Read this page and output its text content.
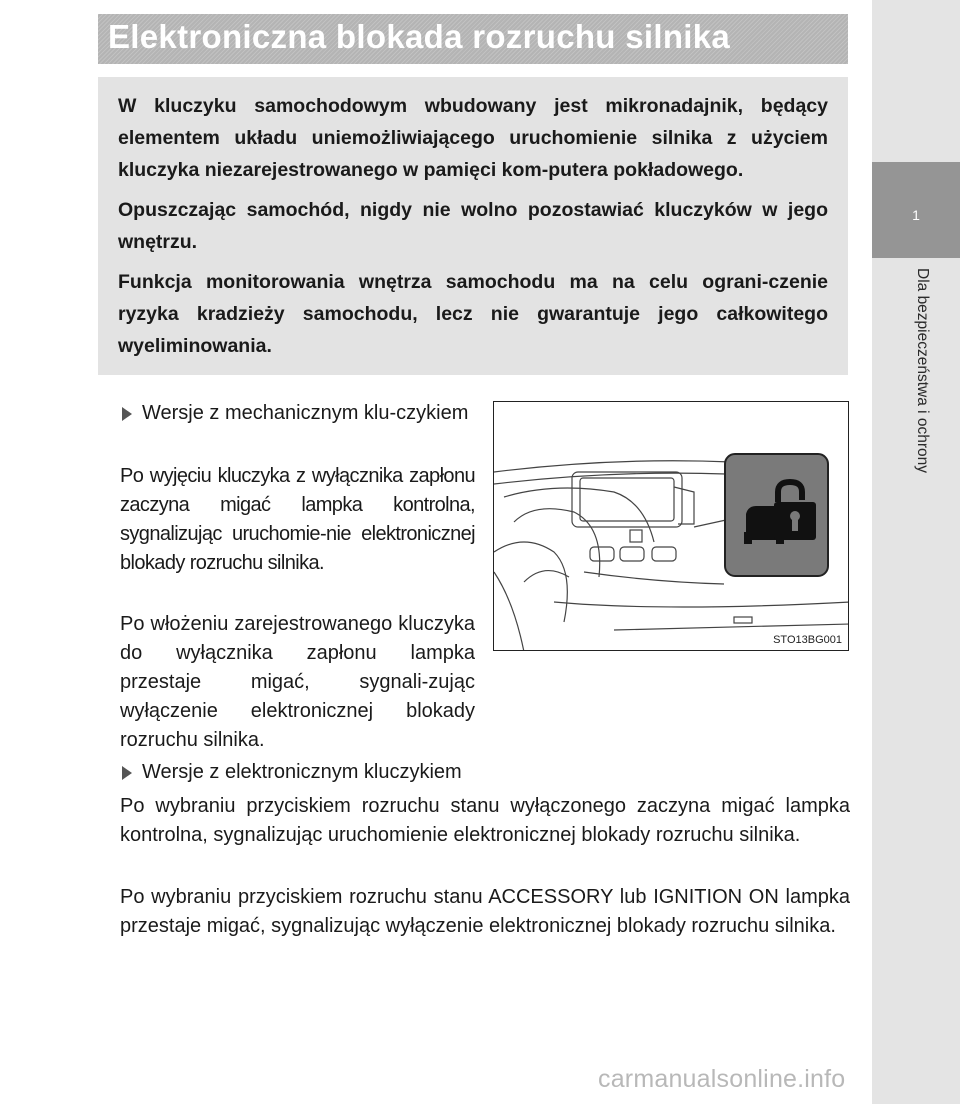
Elektroniczna blokada rozruchu silnika

W kluczyku samochodowym wbudowany jest mikronadajnik, będący elementem układu uniemożliwiającego uruchomienie silnika z użyciem kluczyka niezarejestrowanego w pamięci kom-putera pokładowego.

Opuszczając samochód, nigdy nie wolno pozostawiać kluczyków w jego wnętrzu.

Funkcja monitorowania wnętrza samochodu ma na celu ograni-czenie ryzyka kradzieży samochodu, lecz nie gwarantuje jego całkowitego wyeliminowania.

Wersje z mechanicznym klu-czykiem

Po wyjęciu kluczyka z wyłącznika zapłonu zaczyna migać lampka kontrolna, sygnalizując uruchomie-nie elektronicznej blokady rozruchu silnika.

Po włożeniu zarejestrowanego kluczyka do wyłącznika zapłonu lampka przestaje migać, sygnali-zując wyłączenie elektronicznej blokady rozruchu silnika.

STO13BG001
Wersje z elektronicznym kluczykiem

Po wybraniu przyciskiem rozruchu stanu wyłączonego zaczyna migać lampka kontrolna, sygnalizując uruchomienie elektronicznej blokady rozruchu silnika.

Po wybraniu przyciskiem rozruchu stanu ACCESSORY lub IGNITION ON lampka przestaje migać, sygnalizując wyłączenie elektronicznej blokady rozruchu silnika.

1
Dla bezpieczeństwa i ochrony
carmanualsonline.info
